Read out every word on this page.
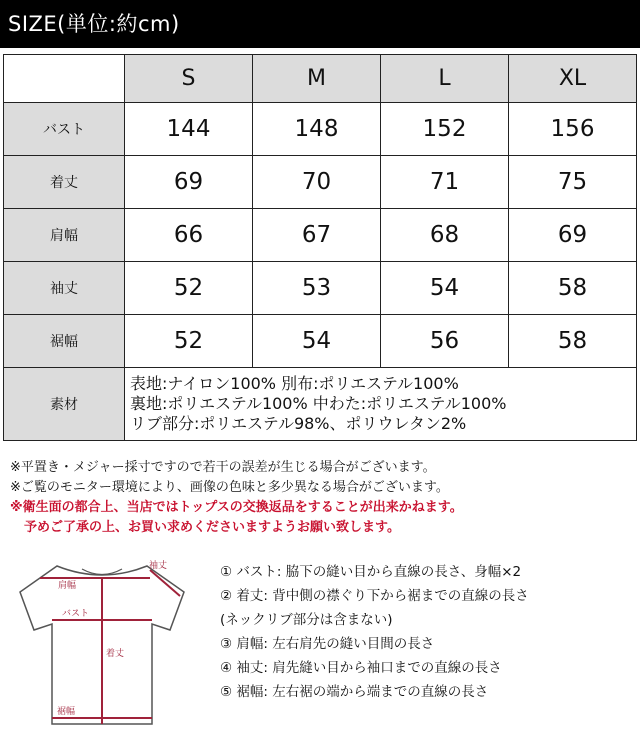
SIZE(単位:約cm)
	S	M	L	XL
バスト	144	148	152	156
着丈	69	70	71	75
肩幅	66	67	68	69
袖丈	52	53	54	58
裾幅	52	54	56	58
素材	表地:ナイロン100% 別布:ポリエステル100%
裏地:ポリエステル100% 中わた:ポリエステル100%
リブ部分:ポリエステル98%、ポリウレタン2%			
※平置き・メジャー採寸ですので若干の誤差が生じる場合がございます。
※ご覧のモニター環境により、画像の色味と多少異なる場合がございます。
※衛生面の都合上、当店ではトップスの交換返品をすることが出来かねます。
予めご了承の上、お買い求めくださいますようお願い致します。
肩幅
袖丈
バスト
着丈
裾幅
① バスト: 脇下の縫い目から直線の長さ、身幅×2
② 着丈: 背中側の襟ぐり下から裾までの直線の長さ
(ネックリブ部分は含まない)
③ 肩幅: 左右肩先の縫い目間の長さ
④ 袖丈: 肩先縫い目から袖口までの直線の長さ
⑤ 裾幅: 左右裾の端から端までの直線の長さ
